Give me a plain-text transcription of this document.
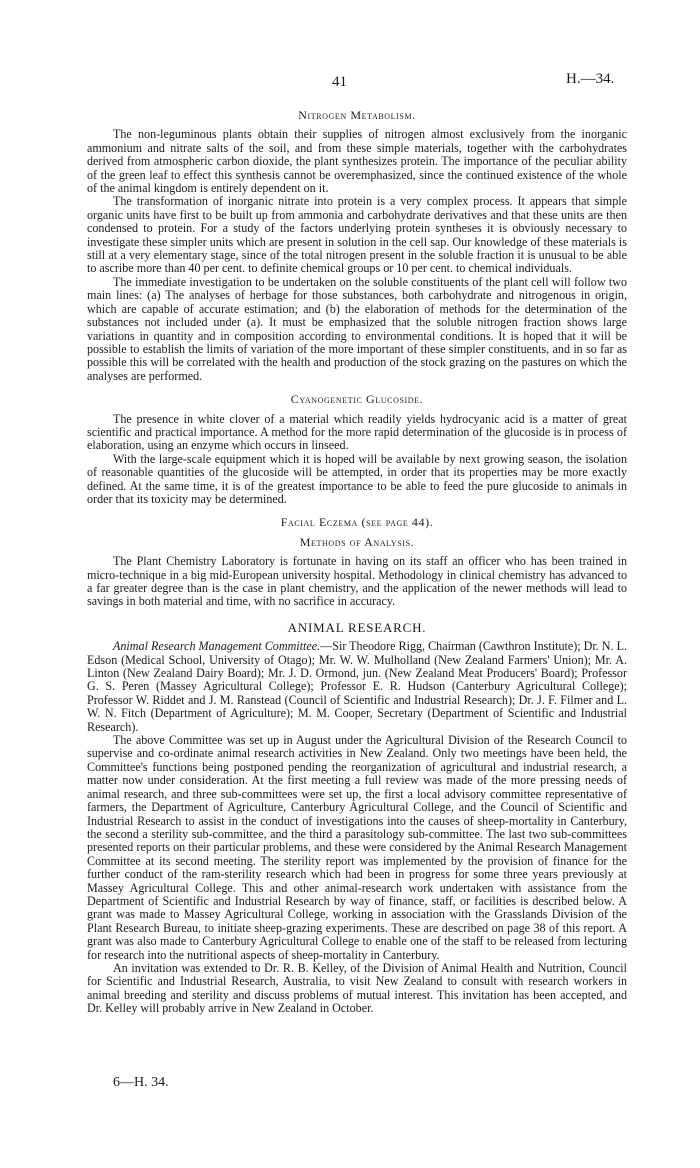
41	H.—34.
Nitrogen Metabolism.

The non-leguminous plants obtain their supplies of nitrogen almost exclusively from the inorganic ammonium and nitrate salts of the soil, and from these simple materials, together with the carbohydrates derived from atmospheric carbon dioxide, the plant synthesizes protein. The importance of the peculiar ability of the green leaf to effect this synthesis cannot be overemphasized, since the continued existence of the whole of the animal kingdom is entirely dependent on it.

The transformation of inorganic nitrate into protein is a very complex process. It appears that simple organic units have first to be built up from ammonia and carbohydrate derivatives and that these units are then condensed to protein. For a study of the factors underlying protein syntheses it is obviously necessary to investigate these simpler units which are present in solution in the cell sap. Our knowledge of these materials is still at a very elementary stage, since of the total nitrogen present in the soluble fraction it is unusual to be able to ascribe more than 40 per cent. to definite chemical groups or 10 per cent. to chemical individuals.

The immediate investigation to be undertaken on the soluble constituents of the plant cell will follow two main lines: (a) The analyses of herbage for those substances, both carbohydrate and nitrogenous in origin, which are capable of accurate estimation; and (b) the elaboration of methods for the determination of the substances not included under (a). It must be emphasized that the soluble nitrogen fraction shows large variations in quantity and in composition according to environmental conditions. It is hoped that it will be possible to establish the limits of variation of the more important of these simpler constituents, and in so far as possible this will be correlated with the health and production of the stock grazing on the pastures on which the analyses are performed.

Cyanogenetic Glucoside.

The presence in white clover of a material which readily yields hydrocyanic acid is a matter of great scientific and practical importance. A method for the more rapid determination of the glucoside is in process of elaboration, using an enzyme which occurs in linseed.

With the large-scale equipment which it is hoped will be available by next growing season, the isolation of reasonable quantities of the glucoside will be attempted, in order that its properties may be more exactly defined. At the same time, it is of the greatest importance to be able to feed the pure glucoside to animals in order that its toxicity may be determined.

Facial Eczema (see page 44).
Methods of Analysis.

The Plant Chemistry Laboratory is fortunate in having on its staff an officer who has been trained in micro-technique in a big mid-European university hospital. Methodology in clinical chemistry has advanced to a far greater degree than is the case in plant chemistry, and the application of the newer methods will lead to savings in both material and time, with no sacrifice in accuracy.

ANIMAL RESEARCH.

Animal Research Management Committee.—Sir Theodore Rigg, Chairman (Cawthron Institute); Dr. N. L. Edson (Medical School, University of Otago); Mr. W. W. Mulholland (New Zealand Farmers' Union); Mr. A. Linton (New Zealand Dairy Board); Mr. J. D. Ormond, jun. (New Zealand Meat Producers' Board); Professor G. S. Peren (Massey Agricultural College); Professor E. R. Hudson (Canterbury Agricultural College); Professor W. Riddet and J. M. Ranstead (Council of Scientific and Industrial Research); Dr. J. F. Filmer and L. W. N. Fitch (Department of Agriculture); M. M. Cooper, Secretary (Department of Scientific and Industrial Research).

The above Committee was set up in August under the Agricultural Division of the Research Council to supervise and co-ordinate animal research activities in New Zealand. Only two meetings have been held, the Committee's functions being postponed pending the reorganization of agricultural and industrial research, a matter now under consideration. At the first meeting a full review was made of the more pressing needs of animal research, and three sub-committees were set up, the first a local advisory committee representative of farmers, the Department of Agriculture, Canterbury Agricultural College, and the Council of Scientific and Industrial Research to assist in the conduct of investigations into the causes of sheep-mortality in Canterbury, the second a sterility sub-committee, and the third a parasitology sub-committee. The last two sub-committees presented reports on their particular problems, and these were considered by the Animal Research Management Committee at its second meeting. The sterility report was implemented by the provision of finance for the further conduct of the ram-sterility research which had been in progress for some three years previously at Massey Agricultural College. This and other animal-research work undertaken with assistance from the Department of Scientific and Industrial Research by way of finance, staff, or facilities is described below. A grant was made to Massey Agricultural College, working in association with the Grasslands Division of the Plant Research Bureau, to initiate sheep-grazing experiments. These are described on page 38 of this report. A grant was also made to Canterbury Agricultural College to enable one of the staff to be released from lecturing for research into the nutritional aspects of sheep-mortality in Canterbury.

An invitation was extended to Dr. R. B. Kelley, of the Division of Animal Health and Nutrition, Council for Scientific and Industrial Research, Australia, to visit New Zealand to consult with research workers in animal breeding and sterility and discuss problems of mutual interest. This invitation has been accepted, and Dr. Kelley will probably arrive in New Zealand in October.

6—H. 34.
